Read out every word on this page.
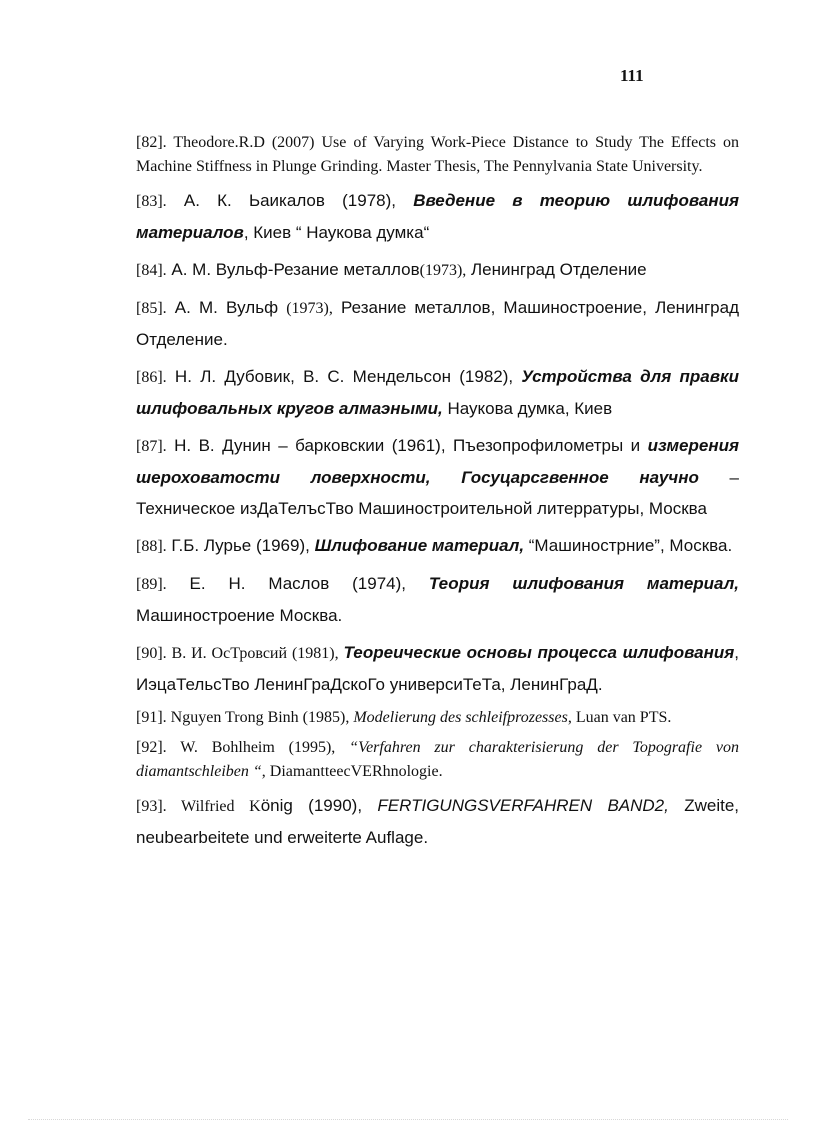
111

[82]. Theodore.R.D (2007) Use of Varying Work-Piece Distance to Study The Effects on Machine Stiffness in Plunge Grinding. Master Thesis, The Pennylvania State University.

[83]. А. К. Ьаикалов (1978), Введение в теорию шлифования материалов, Киев “ Наукова думка“

[84]. А. М. Вульф-Резание металлов(1973), Ленинград Отделение

[85]. А. М. Вульф (1973), Резание металлов, Машиностроение, Ленинград Отделение.

[86]. Н. Л. Дубовик, В. С. Мендельсон (1982), Устройства для правки шлифовальных кругов алмаэными, Наукова думка, Киев

[87]. Н. В. Дунин – барковскии (1961), Пъезопрофилометры и измерения шероховатости ловерхности, Госуцарсгвенное научно – Техническое изДаТелъсТво Машиностроительной литерратуры, Москва

[88]. Г.Б. Лурье (1969), Шлифование материал, “Машиностpние”, Москва.

[89]. Е. Н. Маслов (1974), Теория шлифования материал, Машиностроение Москва.

[90]. В. И. ОсТровсий (1981), Теореические основы процесса шлифования, ИэцаТельсТво ЛенинГраДскоГо универсиТеТа, ЛенинГраД.

[91]. Nguyen Trong Binh (1985), Modelierung des schleifprozesses, Luan van PTS.

[92]. W. Bohlheim (1995), “Verfahren zur charakterisierung der Topografie von diamantschleiben “, DiamantteecVERhnologie.

[93]. Wilfried König (1990), FERTIGUNGSVERFAHREN BAND2, Zweite, neubearbeitete und erweiterte Auflage.
